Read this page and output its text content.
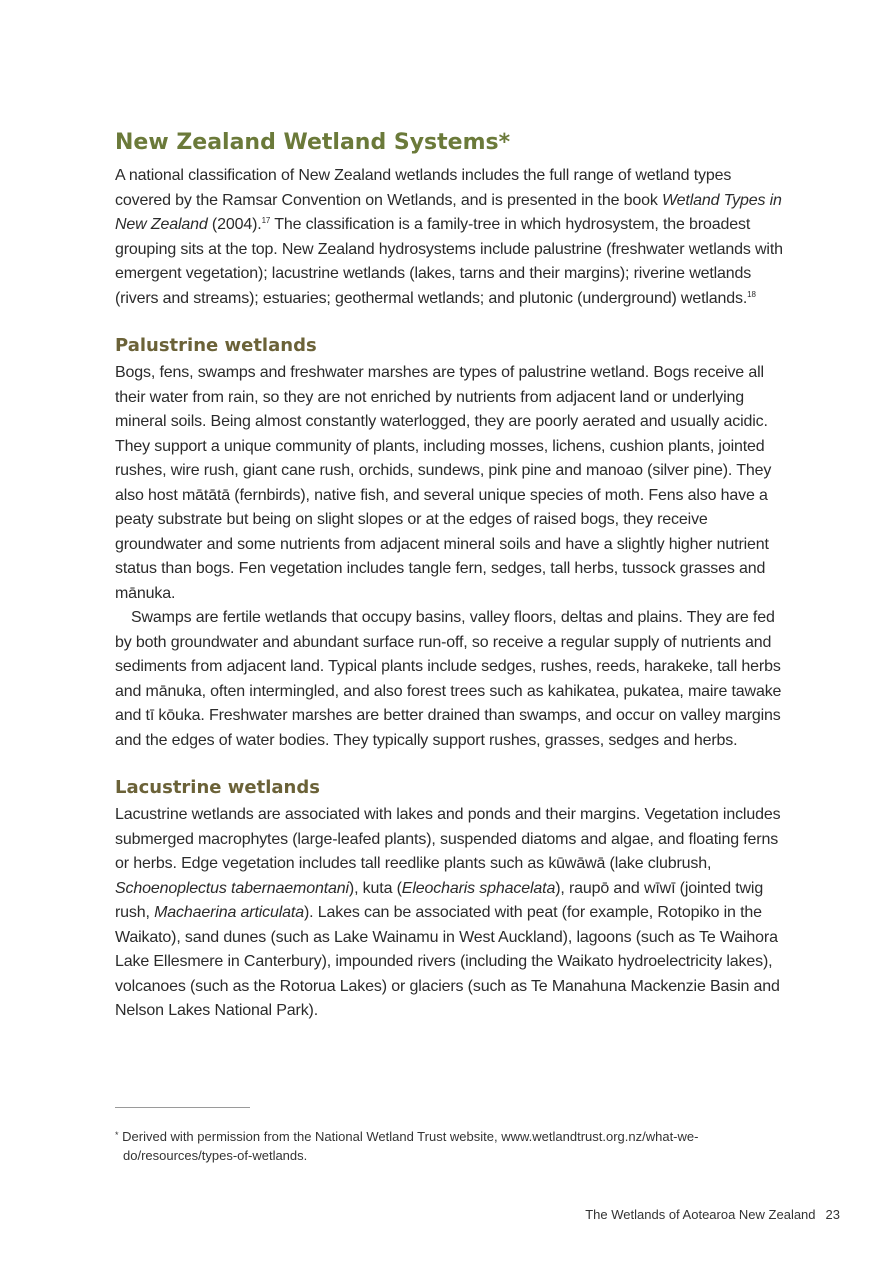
New Zealand Wetland Systems*

A national classification of New Zealand wetlands includes the full range of wetland types covered by the Ramsar Convention on Wetlands, and is presented in the book Wetland Types in New Zealand (2004).$^{17}$ The classification is a family-tree in which hydrosystem, the broadest grouping sits at the top. New Zealand hydrosystems include palustrine (freshwater wetlands with emergent vegetation); lacustrine wetlands (lakes, tarns and their margins); riverine wetlands (rivers and streams); estuaries; geothermal wetlands; and plutonic (underground) wetlands.$^{18}$

Palustrine wetlands

Bogs, fens, swamps and freshwater marshes are types of palustrine wetland. Bogs receive all their water from rain, so they are not enriched by nutrients from adjacent land or underlying mineral soils. Being almost constantly waterlogged, they are poorly aerated and usually acidic. They support a unique community of plants, including mosses, lichens, cushion plants, jointed rushes, wire rush, giant cane rush, orchids, sundews, pink pine and manoao (silver pine). They also host mātātā (fernbirds), native fish, and several unique species of moth. Fens also have a peaty substrate but being on slight slopes or at the edges of raised bogs, they receive groundwater and some nutrients from adjacent mineral soils and have a slightly higher nutrient status than bogs. Fen vegetation includes tangle fern, sedges, tall herbs, tussock grasses and mānuka.

Swamps are fertile wetlands that occupy basins, valley floors, deltas and plains. They are fed by both groundwater and abundant surface run-off, so receive a regular supply of nutrients and sediments from adjacent land. Typical plants include sedges, rushes, reeds, harakeke, tall herbs and mānuka, often intermingled, and also forest trees such as kahikatea, pukatea, maire tawake and tī kōuka. Freshwater marshes are better drained than swamps, and occur on valley margins and the edges of water bodies. They typically support rushes, grasses, sedges and herbs.

Lacustrine wetlands

Lacustrine wetlands are associated with lakes and ponds and their margins. Vegetation includes submerged macrophytes (large-leafed plants), suspended diatoms and algae, and floating ferns or herbs. Edge vegetation includes tall reedlike plants such as kūwāwā (lake clubrush, Schoenoplectus tabernaemontani), kuta (Eleocharis sphacelata), raupō and wīwī (jointed twig rush, Machaerina articulata). Lakes can be associated with peat (for example, Rotopiko in the Waikato), sand dunes (such as Lake Wainamu in West Auckland), lagoons (such as Te Waihora Lake Ellesmere in Canterbury), impounded rivers (including the Waikato hydroelectricity lakes), volcanoes (such as the Rotorua Lakes) or glaciers (such as Te Manahuna Mackenzie Basin and Nelson Lakes National Park).

* Derived with permission from the National Wetland Trust website, www.wetlandtrust.org.nz/what-we-do/resources/types-of-wetlands.
The Wetlands of Aotearoa New Zealand 23
